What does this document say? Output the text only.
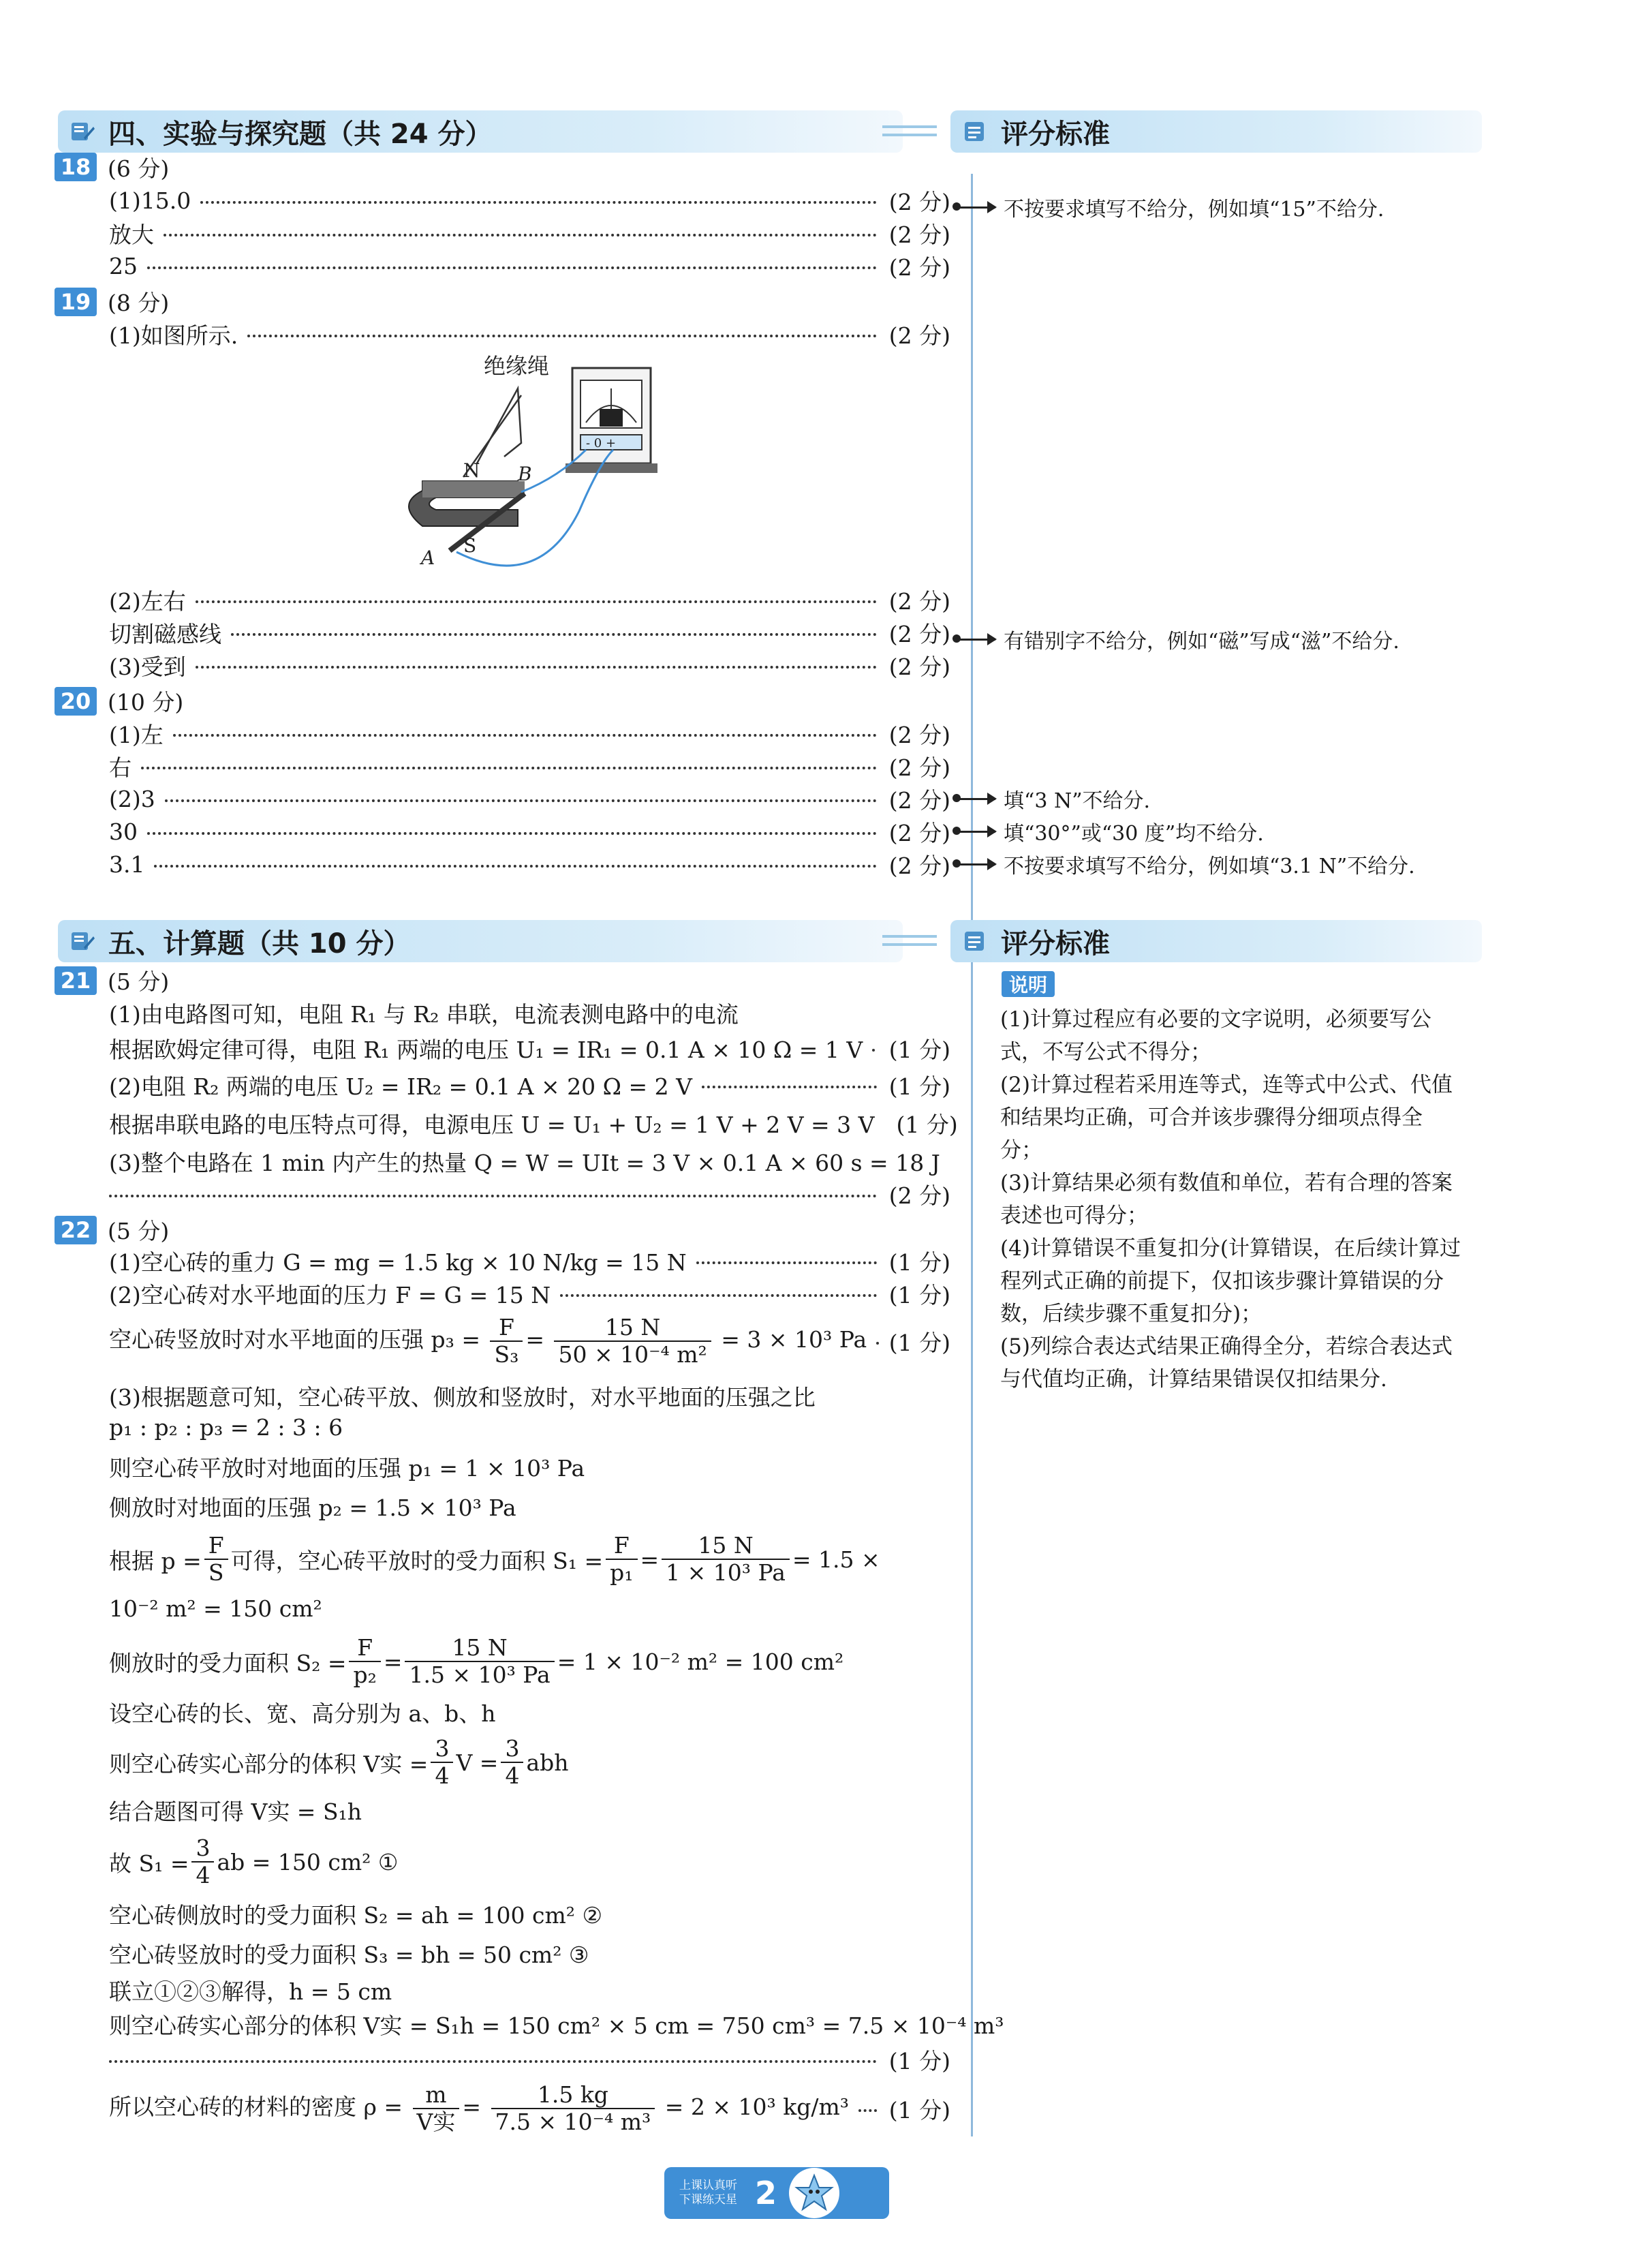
四、实验与探究题（共 24 分）	评分标准
18 (6 分)
(1)15.0	(2 分)
放大	(2 分)
25	(2 分)
不按要求填写不给分，例如填“15”不给分.
19 (8 分)
(1)如图所示.	(2 分)
绝缘绳
- 0 +
N
S
A
B
(2)左右	(2 分)
切割磁感线	(2 分)
(3)受到	(2 分)
有错别字不给分，例如“磁”写成“滋”不给分.
20 (10 分)
(1)左	(2 分)
右	(2 分)
(2)3	(2 分)
30	(2 分)
3.1	(2 分)
填“3 N”不给分.
填“30°”或“30 度”均不给分.
不按要求填写不给分，例如填“3.1 N”不给分.
五、计算题（共 10 分）	评分标准
说明
(1)计算过程应有必要的文字说明，必须要写公式，不写公式不得分；
(2)计算过程若采用连等式，连等式中公式、代值和结果均正确，可合并该步骤得分细项点得全分；
(3)计算结果必须有数值和单位，若有合理的答案表述也可得分；
(4)计算错误不重复扣分(计算错误，在后续计算过程列式正确的前提下，仅扣该步骤计算错误的分数，后续步骤不重复扣分)；
(5)列综合表达式结果正确得全分，若综合表达式与代值均正确，计算结果错误仅扣结果分.
21 (5 分)
(1)由电路图可知，电阻 R₁ 与 R₂ 串联，电流表测电路中的电流
根据欧姆定律可得，电阻 R₁ 两端的电压 U₁ = IR₁ = 0.1 A × 10 Ω = 1 V (1 分)
(2)电阻 R₂ 两端的电压 U₂ = IR₂ = 0.1 A × 20 Ω = 2 V	(1 分)
根据串联电路的电压特点可得，电源电压 U = U₁ + U₂ = 1 V + 2 V = 3 V (1 分)
(3)整个电路在 1 min 内产生的热量 Q = W = UIt = 3 V × 0.1 A × 60 s = 18 J
(2 分)
22 (5 分)
(1)空心砖的重力 G = mg = 1.5 kg × 10 N/kg = 15 N	(1 分)
(2)空心砖对水平地面的压力 F = G = 15 N	(1 分)
空心砖竖放时对水平地面的压强 $p_3 = \frac{F}{\text{S₃}} = \frac{15 N}{\text{50 × 10⁻⁴ m²}} = 3 \times 10^3$ Pa (1 分)
(3)根据题意可知，空心砖平放、侧放和竖放时，对水平地面的压强之比
p₁ : p₂ : p₃ = 2 : 3 : 6
则空心砖平放时对地面的压强 p₁ = 1 × 10³ Pa
侧放时对地面的压强 p₂ = 1.5 × 10³ Pa
根据 $p = \frac{F}{S}$ 可得，空心砖平放时的受力面积 $S_1 = \frac{F}{\text{p₁}} = \frac{15 N}{\text{1 × 10³ Pa}} = 1.5$ ×
10⁻² m² = 150 cm²
侧放时的受力面积 $S_2 = \frac{F}{\text{p₂}} = \frac{15 N}{\text{1.5 × 10³ Pa}} = 1 \times 10^{-2}$ m² = 100 cm²
设空心砖的长、宽、高分别为 a、b、h
则空心砖实心部分的体积 V实 = $\frac{3}{4}$ $V = \frac{3}{4}$ abh
结合题图可得 V实 = S₁h
故 $S_1 = \frac{3}{4}$ ab = 150 cm² ①
空心砖侧放时的受力面积 S₂ = ah = 100 cm² ②
空心砖竖放时的受力面积 S₃ = bh = 50 cm² ③
联立①②③解得，h = 5 cm
则空心砖实心部分的体积 V实 = S₁h = 150 cm² × 5 cm = 750 cm³ = 7.5 × 10⁻⁴ m³
(1 分)
所以空心砖的材料的密度 $\rho = \frac{m}{\text{V实}} = \frac{1.5 kg}{\text{7.5 × 10⁻⁴ m³}} = 2 \times 10^3$ kg/m³ (1 分)
上课认真听
下课练天星 2
